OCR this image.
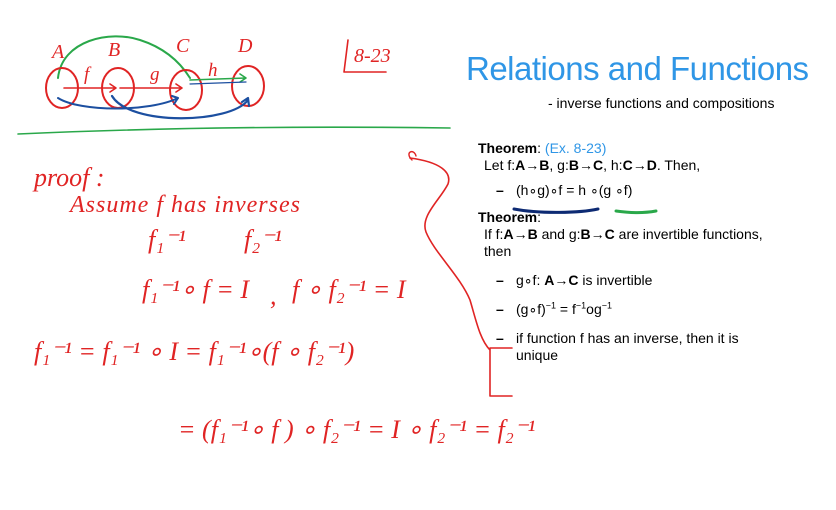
A B	C D
f	g	h
8-23
proof :
Assume f has inverses
f₁⁻¹ f₂⁻¹
f₁⁻¹∘ f = I , f ∘ f₂⁻¹ = I
f₁⁻¹ = f₁⁻¹ ∘ I = f₁⁻¹∘(f ∘ f₂⁻¹)
= (f₁⁻¹∘ f ) ∘ f₂⁻¹ = I ∘ f₂⁻¹ = f₂⁻¹
Relations and Functions
- inverse functions and compositions
Theorem: (Ex. 8-23)
Let f:A→B, g:B→C, h:C→D. Then,
– (h∘g)∘f = h ∘(g ∘f)
Theorem:
If f:A→B and g:B→C are invertible functions,
then
– g∘f: A→C is invertible
– (g∘f)$^{-1}$ = $f^{-1}og^{-1}$
– if function f has an inverse, then it is
unique
